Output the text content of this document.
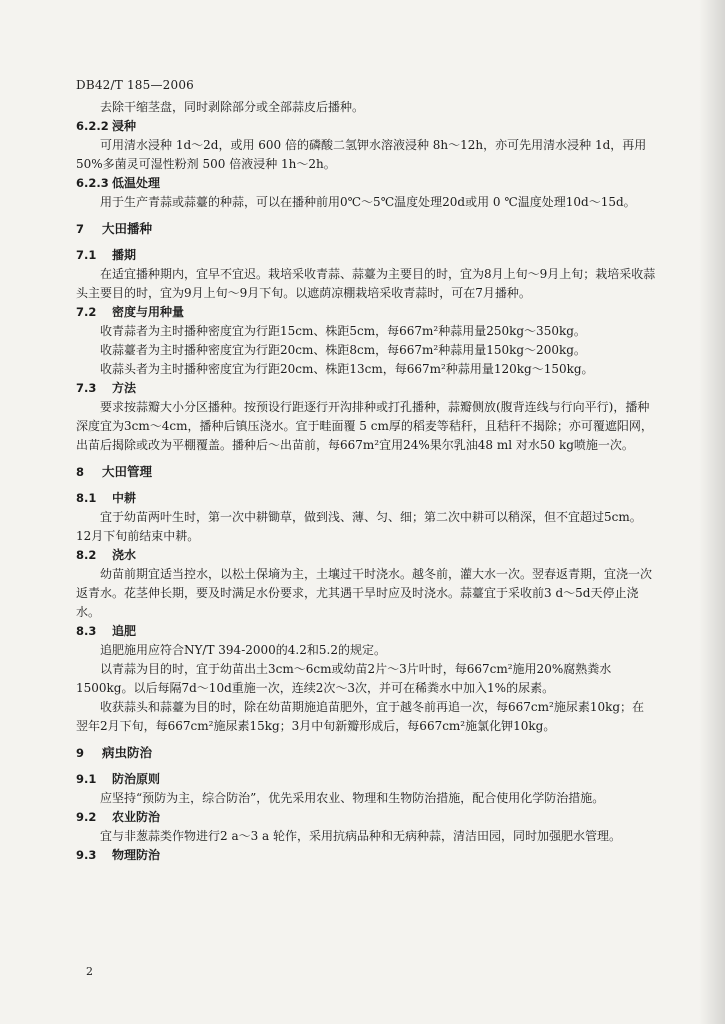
DB42/T 185—2006
去除干缩茎盘，同时剥除部分或全部蒜皮后播种。
6.2.2 浸种
可用清水浸种 1d～2d，或用 600 倍的磷酸二氢钾水溶液浸种 8h～12h，亦可先用清水浸种 1d，再用 50%多菌灵可湿性粉剂 500 倍液浸种 1h～2h。
6.2.3 低温处理
用于生产青蒜或蒜薹的种蒜，可以在播种前用0℃～5℃温度处理20d或用 0 ℃温度处理10d～15d。
7 大田播种
7.1 播期
在适宜播种期内，宜早不宜迟。栽培采收青蒜、蒜薹为主要目的时，宜为8月上旬～9月上旬；栽培采收蒜头主要目的时，宜为9月上旬～9月下旬。以遮荫凉棚栽培采收青蒜时，可在7月播种。
7.2 密度与用种量
收青蒜者为主时播种密度宜为行距15cm、株距5cm，每667m²种蒜用量250kg～350kg。
收蒜薹者为主时播种密度宜为行距20cm、株距8cm，每667m²种蒜用量150kg～200kg。
收蒜头者为主时播种密度宜为行距20cm、株距13cm，每667m²种蒜用量120kg～150kg。
7.3 方法
要求按蒜瓣大小分区播种。按预设行距逐行开沟排种或打孔播种，蒜瓣侧放(腹背连线与行向平行)，播种深度宜为3cm～4cm，播种后镇压浇水。宜于畦面覆 5 cm厚的稻麦等秸秆，且秸秆不揭除；亦可覆遮阳网，出苗后揭除或改为平棚覆盖。播种后～出苗前，每667m²宜用24%果尔乳油48 ml 对水50 kg喷施一次。
8 大田管理
8.1 中耕
宜于幼苗两叶生时，第一次中耕锄草，做到浅、薄、匀、细；第二次中耕可以稍深，但不宜超过5cm。12月下旬前结束中耕。
8.2 浇水
幼苗前期宜适当控水，以松土保墒为主，土壤过干时浇水。越冬前，灌大水一次。翌春返青期，宜浇一次返青水。花茎伸长期，要及时满足水份要求，尤其遇干旱时应及时浇水。蒜薹宜于采收前3 d～5d天停止浇水。
8.3 追肥
追肥施用应符合NY/T 394-2000的4.2和5.2的规定。
以青蒜为目的时，宜于幼苗出土3cm～6cm或幼苗2片～3片叶时，每667cm²施用20%腐熟粪水1500kg。以后每隔7d～10d重施一次，连续2次～3次，并可在稀粪水中加入1%的尿素。
收获蒜头和蒜薹为目的时，除在幼苗期施追苗肥外，宜于越冬前再追一次，每667cm²施尿素10kg；在翌年2月下旬，每667cm²施尿素15kg；3月中旬新瓣形成后，每667cm²施氯化钾10kg。
9 病虫防治
9.1 防治原则
应坚持“预防为主，综合防治”，优先采用农业、物理和生物防治措施，配合使用化学防治措施。
9.2 农业防治
宜与非葱蒜类作物进行2 a～3 a 轮作，采用抗病品种和无病种蒜，清洁田园，同时加强肥水管理。
9.3 物理防治
2
